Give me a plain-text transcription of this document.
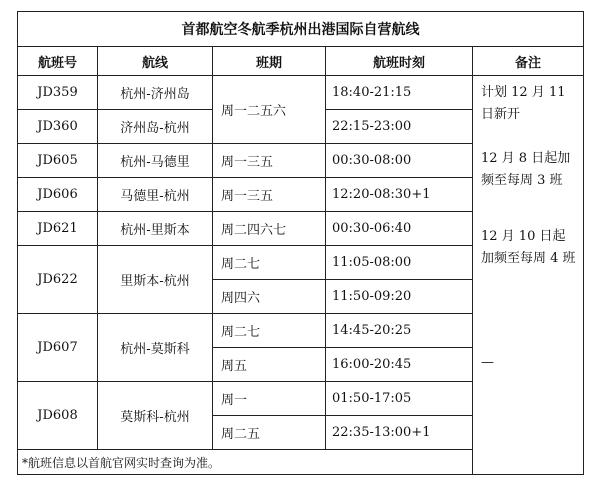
首都航空冬航季杭州出港国际自营航线					
航班号	航线	班期	航班时刻	备注	
JD359	杭州-济州岛	周一二五六	18:40-21:15	计划 12 月 11 日新开
12 月 8 日起加频至每周 3 班
12 月 10 日起加频至每周 4 班
—	

JD360	济州岛-杭州		22:15-23:00		
JD605	杭州-马德里	周一三五	00:30-08:00		
JD606	马德里-杭州	周一三五	12:20-08:30+1		
JD621	杭州-里斯本	周二四六七	00:30-06:40		
JD622	里斯本-杭州	周二七	11:05-08:00		
		周四六	11:50-09:20		
JD607	杭州-莫斯科	周二七	14:45-20:25		
		周五	16:00-20:45		
JD608	莫斯科-杭州	周一	01:50-17:05		
		周二五	22:35-13:00+1		
*航班信息以首航官网实时查询为准。					
